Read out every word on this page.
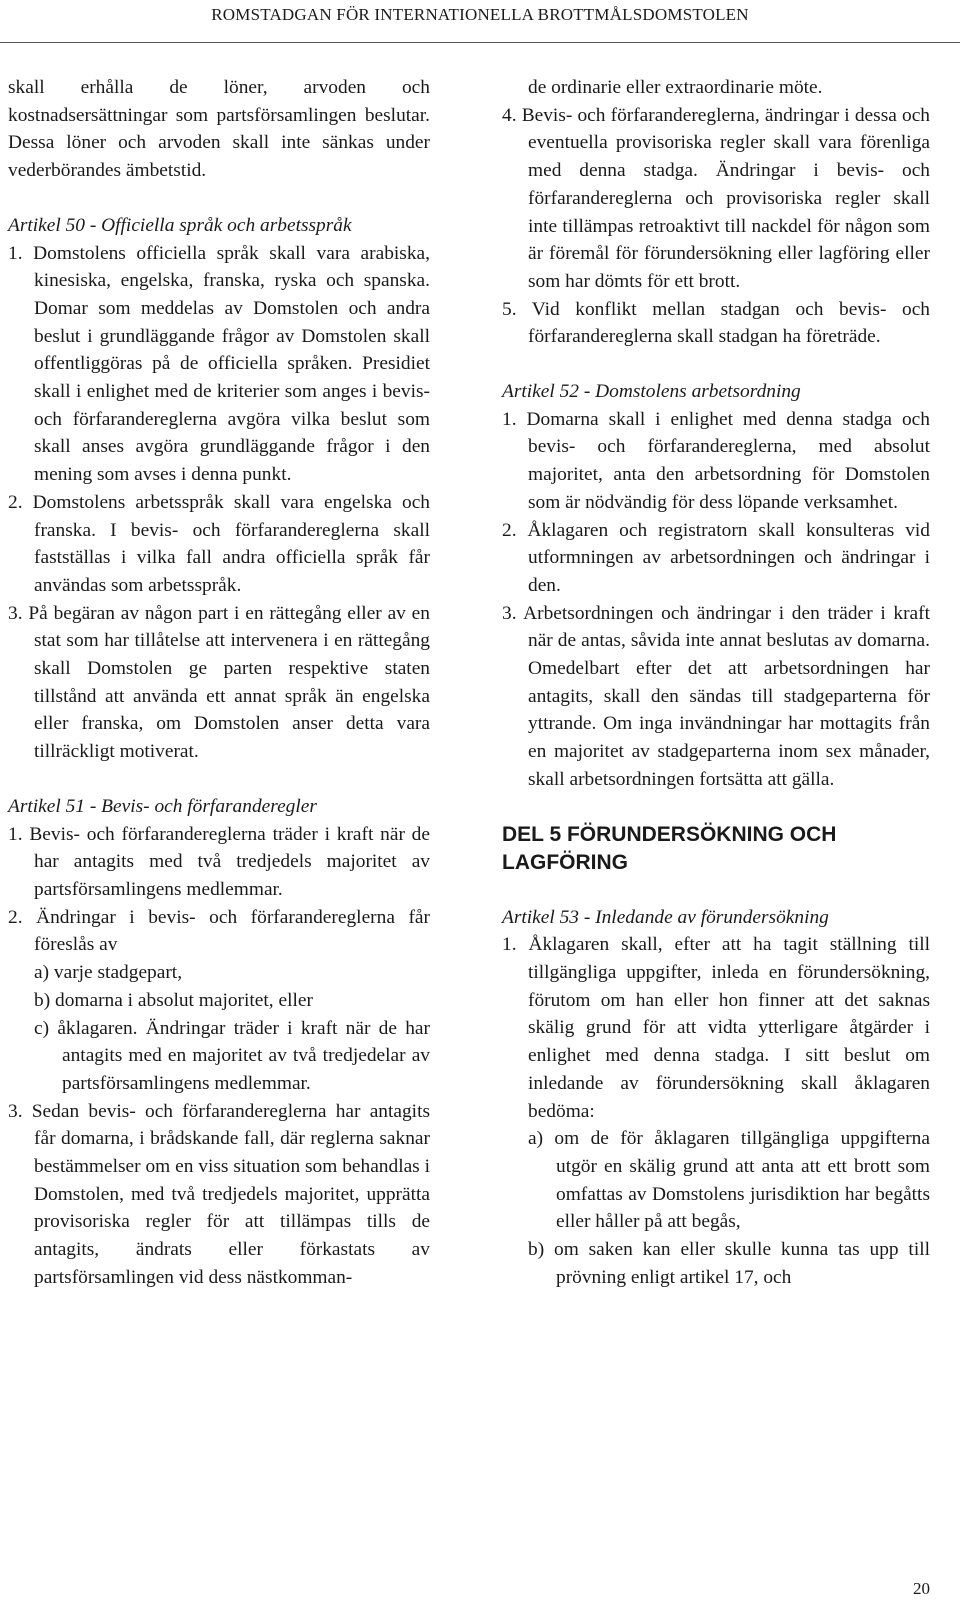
ROMSTADGAN FÖR INTERNATIONELLA BROTTMÅLSDOMSTOLEN

skall erhålla de löner, arvoden och kostnadsersättningar som partsförsamlingen beslutar. Dessa löner och arvoden skall inte sänkas under vederbörandes ämbetstid.

Artikel 50 - Officiella språk och arbetsspråk

1. Domstolens officiella språk skall vara arabiska, kinesiska, engelska, franska, ryska och spanska. Domar som meddelas av Domstolen och andra beslut i grundläggande frågor av Domstolen skall offentliggöras på de officiella språken. Presidiet skall i enlighet med de kriterier som anges i bevis- och förfarandereglerna avgöra vilka beslut som skall anses avgöra grundläggande frågor i den mening som avses i denna punkt.

2. Domstolens arbetsspråk skall vara engelska och franska. I bevis- och förfarandereglerna skall fastställas i vilka fall andra officiella språk får användas som arbetsspråk.

3. På begäran av någon part i en rättegång eller av en stat som har tillåtelse att intervenera i en rättegång skall Domstolen ge parten respektive staten tillstånd att använda ett annat språk än engelska eller franska, om Domstolen anser detta vara tillräckligt motiverat.

Artikel 51 - Bevis- och förfaranderegler

1. Bevis- och förfarandereglerna träder i kraft när de har antagits med två tredjedels majoritet av partsförsamlingens medlemmar.

2. Ändringar i bevis- och förfarandereglerna får föreslås av

a) varje stadgepart,

b) domarna i absolut majoritet, eller

c) åklagaren. Ändringar träder i kraft när de har antagits med en majoritet av två tredjedelar av partsförsamlingens medlemmar.

3. Sedan bevis- och förfarandereglerna har antagits får domarna, i brådskande fall, där reglerna saknar bestämmelser om en viss situation som behandlas i Domstolen, med två tredjedels majoritet, upprätta provisoriska regler för att tillämpas tills de antagits, ändrats eller förkastats av partsförsamlingen vid dess nästkomman-

de ordinarie eller extraordinarie möte.

4. Bevis- och förfarandereglerna, ändringar i dessa och eventuella provisoriska regler skall vara förenliga med denna stadga. Ändringar i bevis- och förfarandereglerna och provisoriska regler skall inte tillämpas retroaktivt till nackdel för någon som är föremål för förundersökning eller lagföring eller som har dömts för ett brott.

5. Vid konflikt mellan stadgan och bevis- och förfarandereglerna skall stadgan ha företräde.

Artikel 52 - Domstolens arbetsordning

1. Domarna skall i enlighet med denna stadga och bevis- och förfarandereglerna, med absolut majoritet, anta den arbetsordning för Domstolen som är nödvändig för dess löpande verksamhet.

2. Åklagaren och registratorn skall konsulteras vid utformningen av arbetsordningen och ändringar i den.

3. Arbetsordningen och ändringar i den träder i kraft när de antas, såvida inte annat beslutas av domarna. Omedelbart efter det att arbetsordningen har antagits, skall den sändas till stadgeparterna för yttrande. Om inga invändningar har mottagits från en majoritet av stadgeparterna inom sex månader, skall arbetsordningen fortsätta att gälla.

DEL 5 FÖRUNDERSÖKNING OCH LAGFÖRING

Artikel 53 - Inledande av förundersökning

1. Åklagaren skall, efter att ha tagit ställning till tillgängliga uppgifter, inleda en förundersökning, förutom om han eller hon finner att det saknas skälig grund för att vidta ytterligare åtgärder i enlighet med denna stadga. I sitt beslut om inledande av förundersökning skall åklagaren bedöma:

a) om de för åklagaren tillgängliga uppgifterna utgör en skälig grund att anta att ett brott som omfattas av Domstolens jurisdiktion har begåtts eller håller på att begås,

b) om saken kan eller skulle kunna tas upp till prövning enligt artikel 17, och

20
